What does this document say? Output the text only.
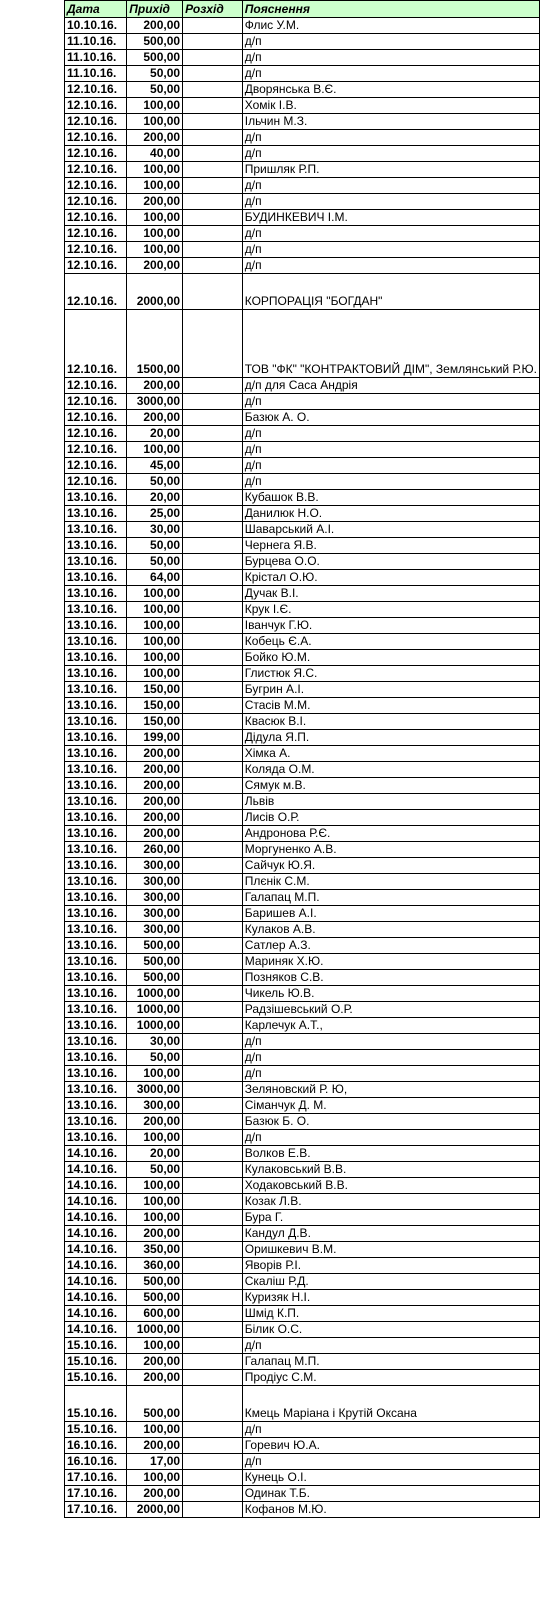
Дата	Прихід	Розхід	Пояснення
10.10.16.	200,00		Флис У.М.
11.10.16.	500,00		д/п
11.10.16.	500,00		д/п
11.10.16.	50,00		д/п
12.10.16.	50,00		Дворянська В.Є.
12.10.16.	100,00		Хомік І.В.
12.10.16.	100,00		Ільчин М.З.
12.10.16.	200,00		д/п
12.10.16.	40,00		д/п
12.10.16.	100,00		Пришляк Р.П.
12.10.16.	100,00		д/п
12.10.16.	200,00		д/п
12.10.16.	100,00		БУДИНКЕВИЧ І.М.
12.10.16.	100,00		д/п
12.10.16.	100,00		д/п
12.10.16.	200,00		д/п
12.10.16.	2000,00		КОРПОРАЦІЯ "БОГДАН"
12.10.16.	1500,00		ТОВ "ФК" "КОНТРАКТОВИЙ ДІМ", Землянський Р.Ю.
12.10.16.	200,00		д/п для Саса Андрія
12.10.16.	3000,00		д/п
12.10.16.	200,00		Базюк А. О.
12.10.16.	20,00		д/п
12.10.16.	100,00		д/п
12.10.16.	45,00		д/п
12.10.16.	50,00		д/п
13.10.16.	20,00		Кубашок В.В.
13.10.16.	25,00		Данилюк Н.О.
13.10.16.	30,00		Шаварський А.І.
13.10.16.	50,00		Чернега Я.В.
13.10.16.	50,00		Бурцева О.О.
13.10.16.	64,00		Крістал О.Ю.
13.10.16.	100,00		Дучак В.І.
13.10.16.	100,00		Крук І.Є.
13.10.16.	100,00		Іванчук Г.Ю.
13.10.16.	100,00		Кобець Є.А.
13.10.16.	100,00		Бойко Ю.М.
13.10.16.	100,00		Глистюк Я.С.
13.10.16.	150,00		Бугрин А.І.
13.10.16.	150,00		Стасів М.М.
13.10.16.	150,00		Квасюк В.І.
13.10.16.	199,00		Дідула Я.П.
13.10.16.	200,00		Хімка А.
13.10.16.	200,00		Коляда О.М.
13.10.16.	200,00		Сямук м.В.
13.10.16.	200,00		Львів
13.10.16.	200,00		Лисів О.Р.
13.10.16.	200,00		Андронова Р.Є.
13.10.16.	260,00		Моргуненко А.В.
13.10.16.	300,00		Сайчук Ю.Я.
13.10.16.	300,00		Плєнік С.М.
13.10.16.	300,00		Галапац М.П.
13.10.16.	300,00		Баришев А.І.
13.10.16.	300,00		Кулаков А.В.
13.10.16.	500,00		Сатлер А.З.
13.10.16.	500,00		Мариняк Х.Ю.
13.10.16.	500,00		Позняков С.В.
13.10.16.	1000,00		Чикель Ю.В.
13.10.16.	1000,00		Радзішевський О.Р.
13.10.16.	1000,00		Карлечук А.Т.,
13.10.16.	30,00		д/п
13.10.16.	50,00		д/п
13.10.16.	100,00		д/п
13.10.16.	3000,00		Зеляновский Р. Ю,
13.10.16.	300,00		Сіманчук Д. М.
13.10.16.	200,00		Базюк Б. О.
13.10.16.	100,00		д/п
14.10.16.	20,00		Волков Е.В.
14.10.16.	50,00		Кулаковський В.В.
14.10.16.	100,00		Ходаковський В.В.
14.10.16.	100,00		Козак Л.В.
14.10.16.	100,00		Бура Г.
14.10.16.	200,00		Кандул Д.В.
14.10.16.	350,00		Оришкевич В.М.
14.10.16.	360,00		Яворів Р.І.
14.10.16.	500,00		Скаліш Р.Д.
14.10.16.	500,00		Куризяк Н.І.
14.10.16.	600,00		Шмід К.П.
14.10.16.	1000,00		Білик О.С.
15.10.16.	100,00		д/п
15.10.16.	200,00		Галапац М.П.
15.10.16.	200,00		Продіус С.М.
15.10.16.	500,00		Кмець Маріана і Крутій Оксана
15.10.16.	100,00		д/п
16.10.16.	200,00		Горевич Ю.А.
16.10.16.	17,00		д/п
17.10.16.	100,00		Кунець О.І.
17.10.16.	200,00		Одинак Т.Б.
17.10.16.	2000,00		Кофанов М.Ю.
